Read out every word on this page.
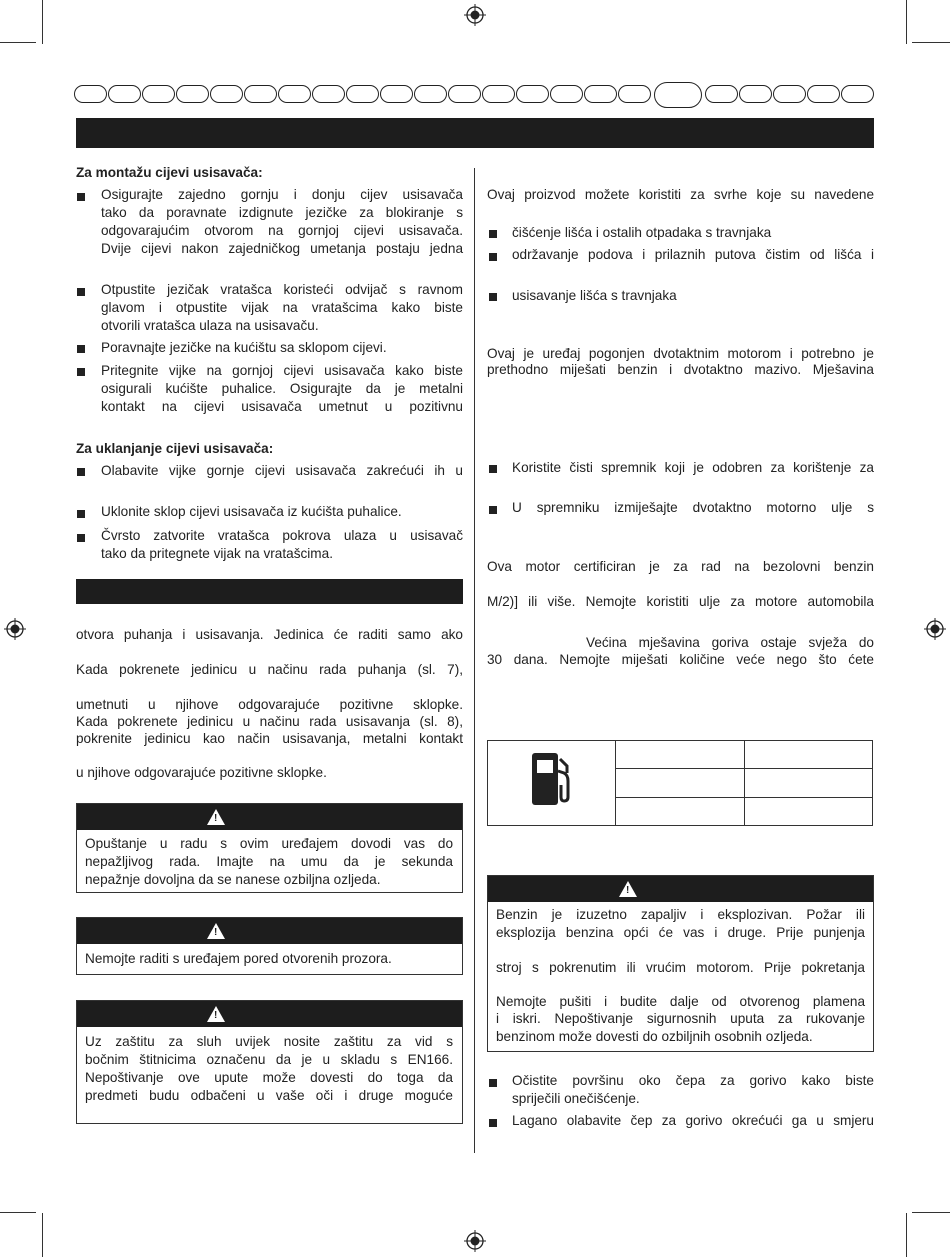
Za montažu cijevi usisavača:
Osigurajte zajedno gornju i donju cijev usisavača
tako da poravnate izdignute jezičke za blokiranje s
odgovarajućim otvorom na gornjoj cijevi usisavača.
Dvije cijevi nakon zajedničkog umetanja postaju jedna
Otpustite jezičak vratašca koristeći odvijač s ravnom
glavom i otpustite vijak na vratašcima kako biste
otvorili vratašca ulaza na usisavaču.
Poravnajte jezičke na kućištu sa sklopom cijevi.
Pritegnite vijke na gornjoj cijevi usisavača kako biste
osigurali kućište puhalice. Osigurajte da je metalni
kontakt na cijevi usisavača umetnut u pozitivnu
Za uklanjanje cijevi usisavača:
Olabavite vijke gornje cijevi usisavača zakrećući ih u
Uklonite sklop cijevi usisavača iz kućišta puhalice.
Čvrsto zatvorite vratašca pokrova ulaza u usisavač
tako da pritegnete vijak na vratašcima.
otvora puhanja i usisavanja. Jedinica će raditi samo ako
Kada pokrenete jedinicu u načinu rada puhanja (sl. 7),
umetnuti u njihove odgovarajuće pozitivne sklopke.
Kada pokrenete jedinicu u načinu rada usisavanja (sl. 8),
pokrenite jedinicu kao način usisavanja, metalni kontakt
u njihove odgovarajuće pozitivne sklopke.
!
Opuštanje u radu s ovim uređajem dovodi vas do
nepažljivog rada. Imajte na umu da je sekunda
nepažnje dovoljna da se nanese ozbiljna ozljeda.
!
Nemojte raditi s uređajem pored otvorenih prozora.
!
Uz zaštitu za sluh uvijek nosite zaštitu za vid s
bočnim štitnicima označenu da je u skladu s EN166.
Nepoštivanje ove upute može dovesti do toga da
predmeti budu odbačeni u vaše oči i druge moguće
Ovaj proizvod možete koristiti za svrhe koje su navedene
čišćenje lišća i ostalih otpadaka s travnjaka
održavanje podova i prilaznih putova čistim od lišća i
usisavanje lišća s travnjaka
Ovaj je uređaj pogonjen dvotaktnim motorom i potrebno je
prethodno miješati benzin i dvotaktno mazivo. Mješavina
Koristite čisti spremnik koji je odobren za korištenje za
U spremniku izmiješajte dvotaktno motorno ulje s
Ova motor certificiran je za rad na bezolovni benzin
M/2)] ili više. Nemojte koristiti ulje za motore automobila
Većina mješavina goriva ostaje svježa do
30 dana. Nemojte miješati količine veće nego što ćete

!
Benzin je izuzetno zapaljiv i eksplozivan. Požar ili
eksplozija benzina opći će vas i druge. Prije punjenja
stroj s pokrenutim ili vrućim motorom. Prije pokretanja
Nemojte pušiti i budite dalje od otvorenog plamena
i iskri. Nepoštivanje sigurnosnih uputa za rukovanje
benzinom može dovesti do ozbiljnih osobnih ozljeda.
Očistite površinu oko čepa za gorivo kako biste
spriječili onečišćenje.
Lagano olabavite čep za gorivo okrećući ga u smjeru
